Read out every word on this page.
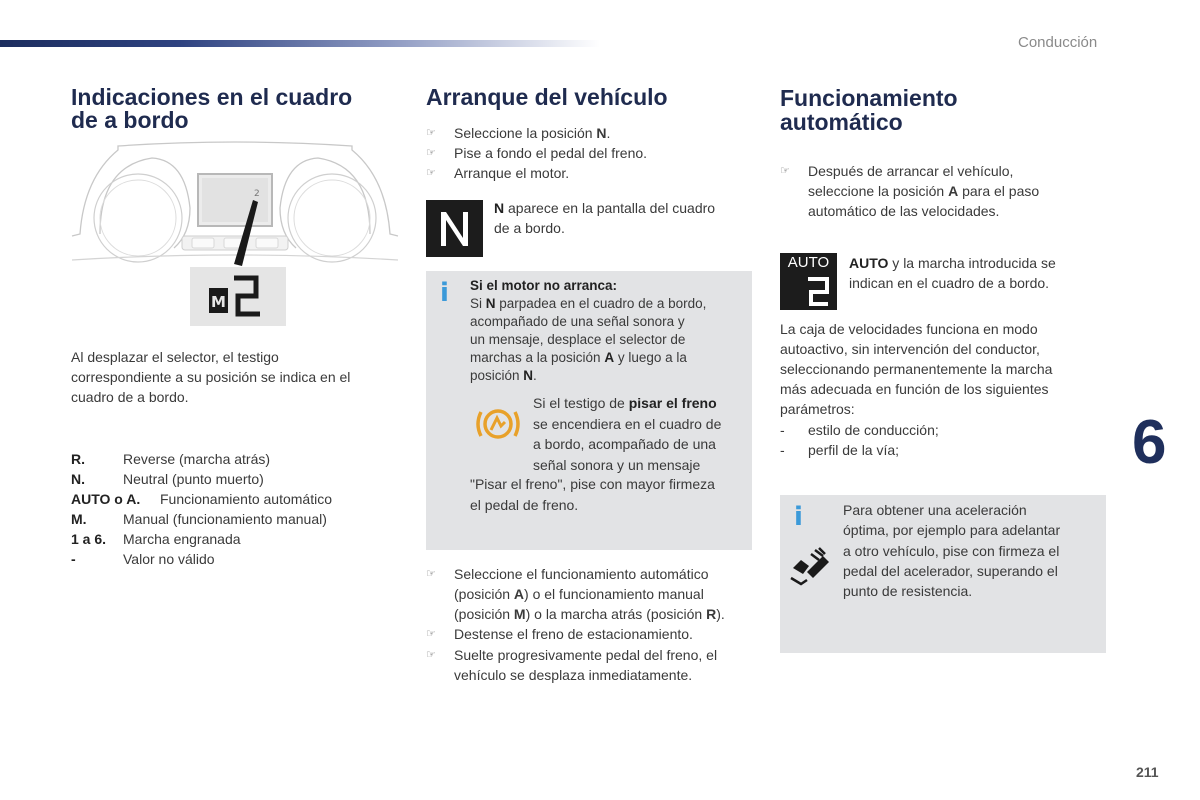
Conducción
6
211
Indicaciones en el cuadro
de a bordo
2
M
Al desplazar el selector, el testigo
correspondiente a su posición se indica en el
cuadro de a bordo.
R.	Reverse (marcha atrás)
N.	Neutral (punto muerto)
AUTO o A. Funcionamiento automático
M.	Manual (funcionamiento manual)
1 a 6. Marcha engranada
-	Valor no válido
Arranque del vehículo
☞ Seleccione la posición N.
☞ Pise a fondo el pedal del freno.
☞ Arranque el motor.
N aparece en la pantalla del cuadro
de a bordo.
i Si el motor no arranca:
Si N parpadea en el cuadro de a bordo,
acompañado de una señal sonora y
un mensaje, desplace el selector de
marchas a la posición A y luego a la
posición N.
Si el testigo de pisar el freno
se encendiera en el cuadro de
a bordo, acompañado de una
señal sonora y un mensaje
"Pisar el freno", pise con mayor firmeza
el pedal de freno.
☞ Seleccione el funcionamiento automático
(posición A) o el funcionamiento manual
(posición M) o la marcha atrás (posición R).
☞ Destense el freno de estacionamiento.
☞ Suelte progresivamente pedal del freno, el
vehículo se desplaza inmediatamente.
Funcionamiento
automático
☞ Después de arrancar el vehículo,
seleccione la posición A para el paso
automático de las velocidades.
AUTO	AUTO y la marcha introducida se
indican en el cuadro de a bordo.
La caja de velocidades funciona en modo
autoactivo, sin intervención del conductor,
seleccionando permanentemente la marcha
más adecuada en función de los siguientes
parámetros:
- estilo de conducción;
- perfil de la vía;
i	Para obtener una aceleración
óptima, por ejemplo para adelantar
a otro vehículo, pise con firmeza el
pedal del acelerador, superando el
punto de resistencia.
